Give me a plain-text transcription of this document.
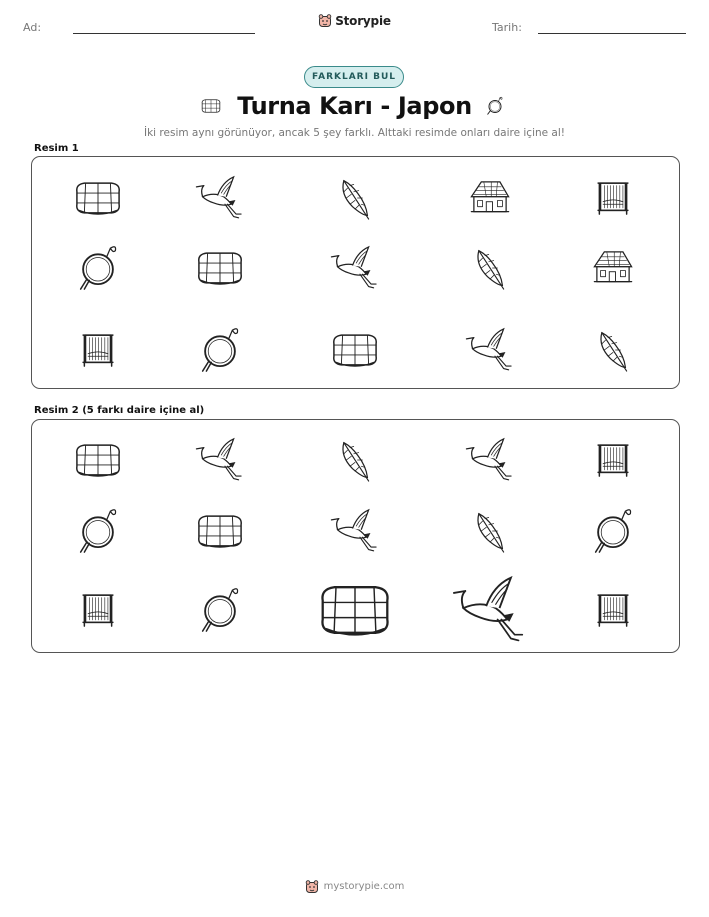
Ad:	Tarih:
Storypie
FARKLARI BUL
Turna Karı - Japon
İki resim aynı görünüyor, ancak 5 şey farklı. Alttaki resimde onları daire içine al!
Resim 1
Resim 2 (5 farkı daire içine al)
mystorypie.com
